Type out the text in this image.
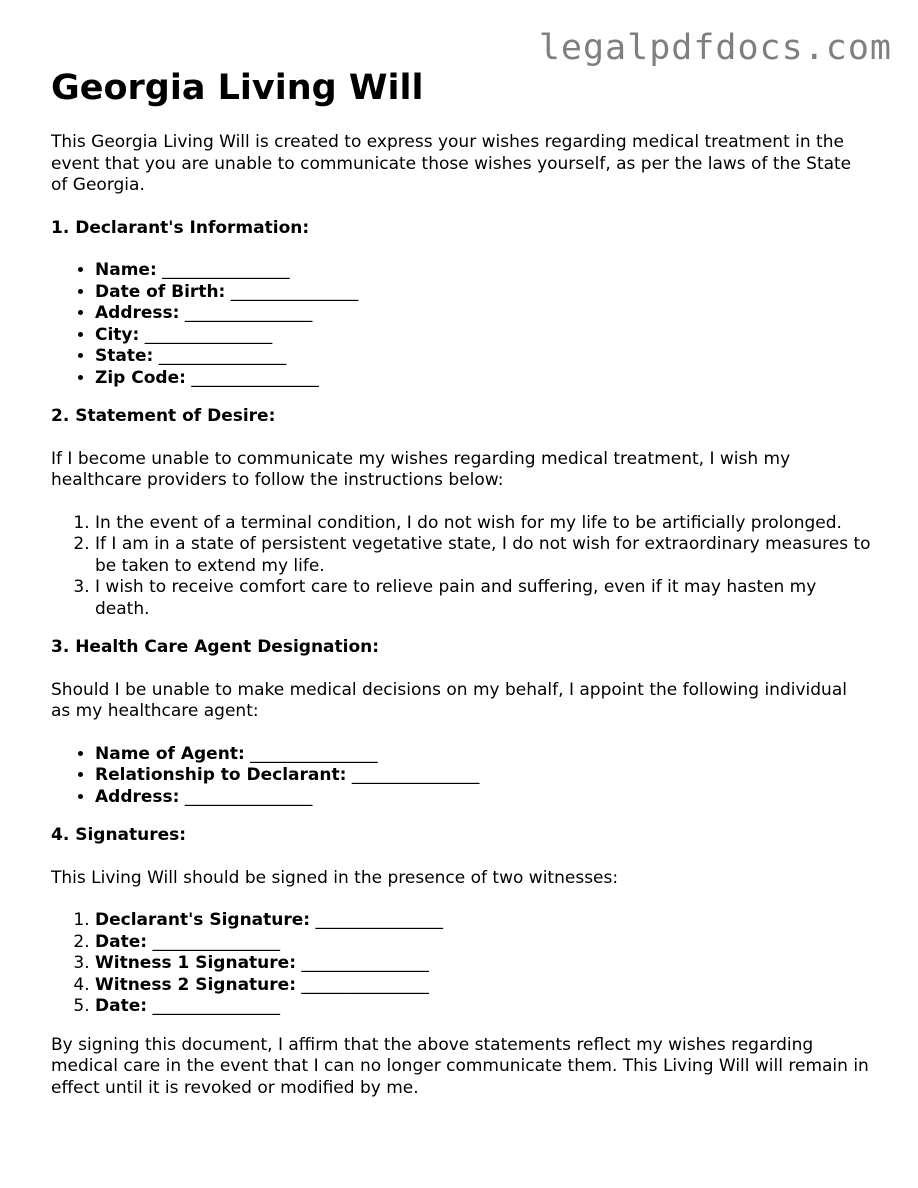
legalpdfdocs.com
Georgia Living Will

This Georgia Living Will is created to express your wishes regarding medical treatment in the event that you are unable to communicate those wishes yourself, as per the laws of the State of Georgia.

1. Declarant's Information:
• Name: _______________
• Date of Birth: _______________
• Address: _______________
• City: _______________
• State: _______________
• Zip Code: _______________
2. Statement of Desire:

If I become unable to communicate my wishes regarding medical treatment, I wish my healthcare providers to follow the instructions below:

1. In the event of a terminal condition, I do not wish for my life to be artificially prolonged.
2. If I am in a state of persistent vegetative state, I do not wish for extraordinary measures to be taken to extend my life.
3. I wish to receive comfort care to relieve pain and suffering, even if it may hasten my death.
3. Health Care Agent Designation:

Should I be unable to make medical decisions on my behalf, I appoint the following individual as my healthcare agent:

• Name of Agent: _______________
• Relationship to Declarant: _______________
• Address: _______________
4. Signatures:

This Living Will should be signed in the presence of two witnesses:

1. Declarant's Signature: _______________
2. Date: _______________
3. Witness 1 Signature: _______________
4. Witness 2 Signature: _______________
5. Date: _______________

By signing this document, I affirm that the above statements reflect my wishes regarding medical care in the event that I can no longer communicate them. This Living Will will remain in effect until it is revoked or modified by me.
